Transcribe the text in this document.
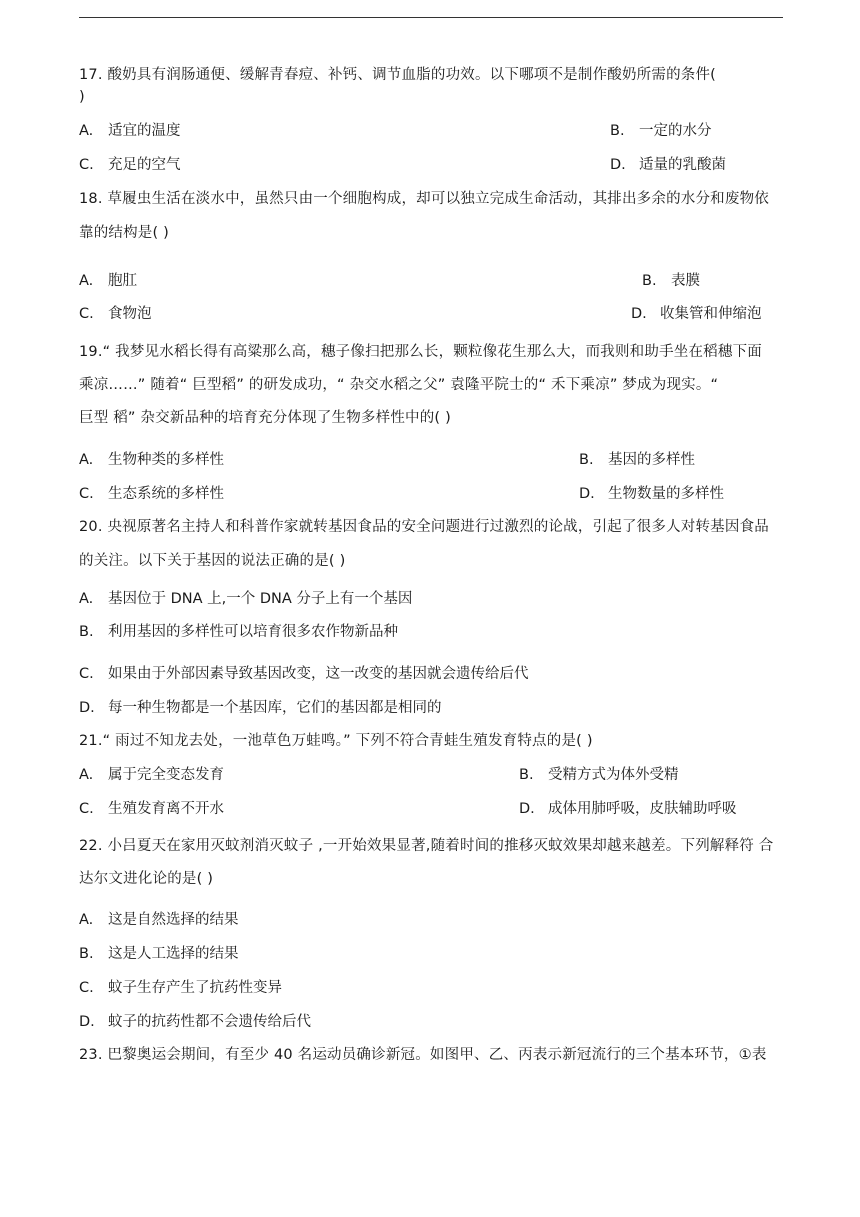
17. 酸奶具有润肠通便、缓解青春痘、补钙、调节血脂的功效。以下哪项不是制作酸奶所需的条件(
)
A. 适宜的温度	B. 一定的水分
C. 充足的空气	D. 适量的乳酸菌
18. 草履虫生活在淡水中，虽然只由一个细胞构成，却可以独立完成生命活动，其排出多余的水分和废物依
靠的结构是( )
A. 胞肛	B. 表膜
C. 食物泡	D. 收集管和伸缩泡
19.“ 我梦见水稻长得有高粱那么高，穗子像扫把那么长，颗粒像花生那么大，而我则和助手坐在稻穗下面
乘凉……” 随着“ 巨型稻” 的研发成功，“ 杂交水稻之父” 袁隆平院士的“ 禾下乘凉” 梦成为现实。“
巨型 稻” 杂交新品种的培育充分体现了生物多样性中的( )
A. 生物种类的多样性	B. 基因的多样性
C. 生态系统的多样性	D. 生物数量的多样性
20. 央视原著名主持人和科普作家就转基因食品的安全问题进行过激烈的论战，引起了很多人对转基因食品
的关注。以下关于基因的说法正确的是( )
A. 基因位于 DNA 上,一个 DNA 分子上有一个基因
B. 利用基因的多样性可以培育很多农作物新品种
C. 如果由于外部因素导致基因改变，这一改变的基因就会遗传给后代
D. 每一种生物都是一个基因库，它们的基因都是相同的
21.“ 雨过不知龙去处，一池草色万蛙鸣。” 下列不符合青蛙生殖发育特点的是( )
A. 属于完全变态发育	B. 受精方式为体外受精
C. 生殖发育离不开水	D. 成体用肺呼吸，皮肤辅助呼吸
22. 小吕夏天在家用灭蚊剂消灭蚊子 ,一开始效果显著,随着时间的推移灭蚊效果却越来越差。下列解释符 合
达尔文进化论的是( )
A. 这是自然选择的结果
B. 这是人工选择的结果
C. 蚊子生存产生了抗药性变异
D. 蚊子的抗药性都不会遗传给后代
23. 巴黎奥运会期间，有至少 40 名运动员确诊新冠。如图甲、乙、丙表示新冠流行的三个基本环节，①表
